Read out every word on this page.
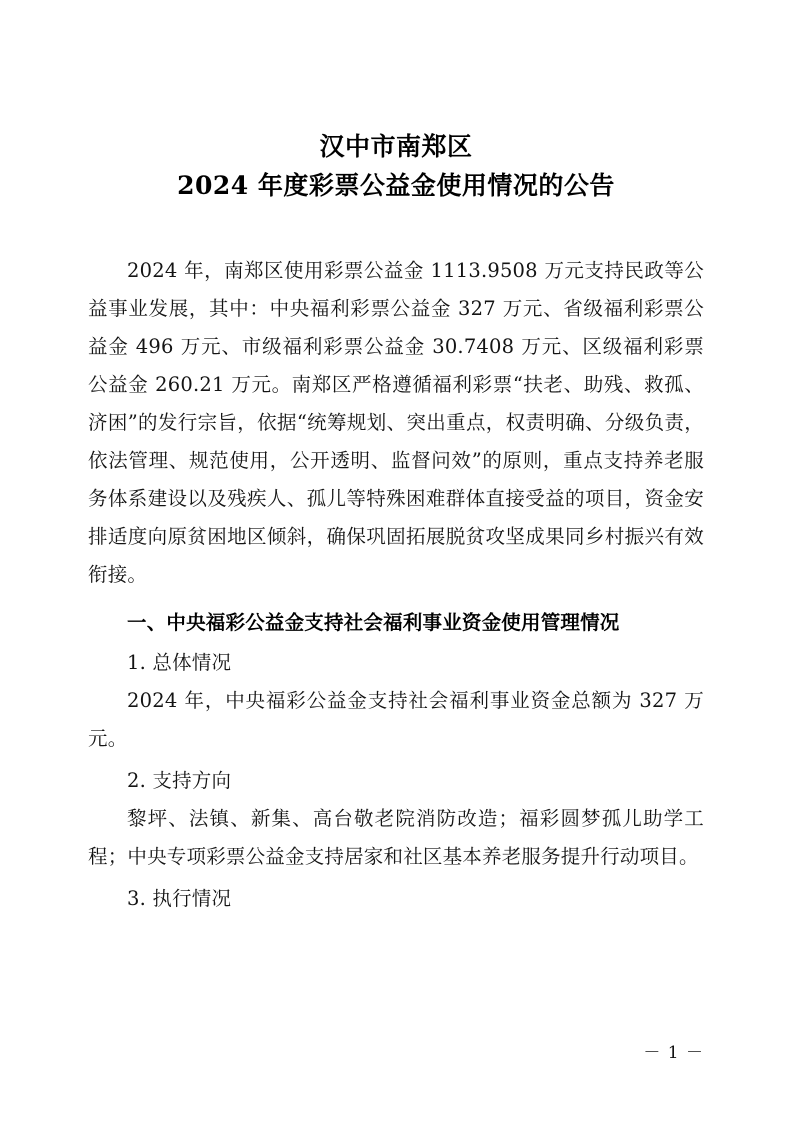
汉中市南郑区
2024 年度彩票公益金使用情况的公告

2024 年，南郑区使用彩票公益金 1113.9508 万元支持民政等公益事业发展，其中：中央福利彩票公益金 327 万元、省级福利彩票公益金 496 万元、市级福利彩票公益金 30.7408 万元、区级福利彩票公益金 260.21 万元。南郑区严格遵循福利彩票“扶老、助残、救孤、济困”的发行宗旨，依据“统筹规划、突出重点，权责明确、分级负责，依法管理、规范使用，公开透明、监督问效”的原则，重点支持养老服务体系建设以及残疾人、孤儿等特殊困难群体直接受益的项目，资金安排适度向原贫困地区倾斜，确保巩固拓展脱贫攻坚成果同乡村振兴有效衔接。

一、中央福彩公益金支持社会福利事业资金使用管理情况

1. 总体情况

2024 年，中央福彩公益金支持社会福利事业资金总额为 327 万元。

2. 支持方向

黎坪、法镇、新集、高台敬老院消防改造；福彩圆梦孤儿助学工程；中央专项彩票公益金支持居家和社区基本养老服务提升行动项目。

3. 执行情况

－ 1 －
